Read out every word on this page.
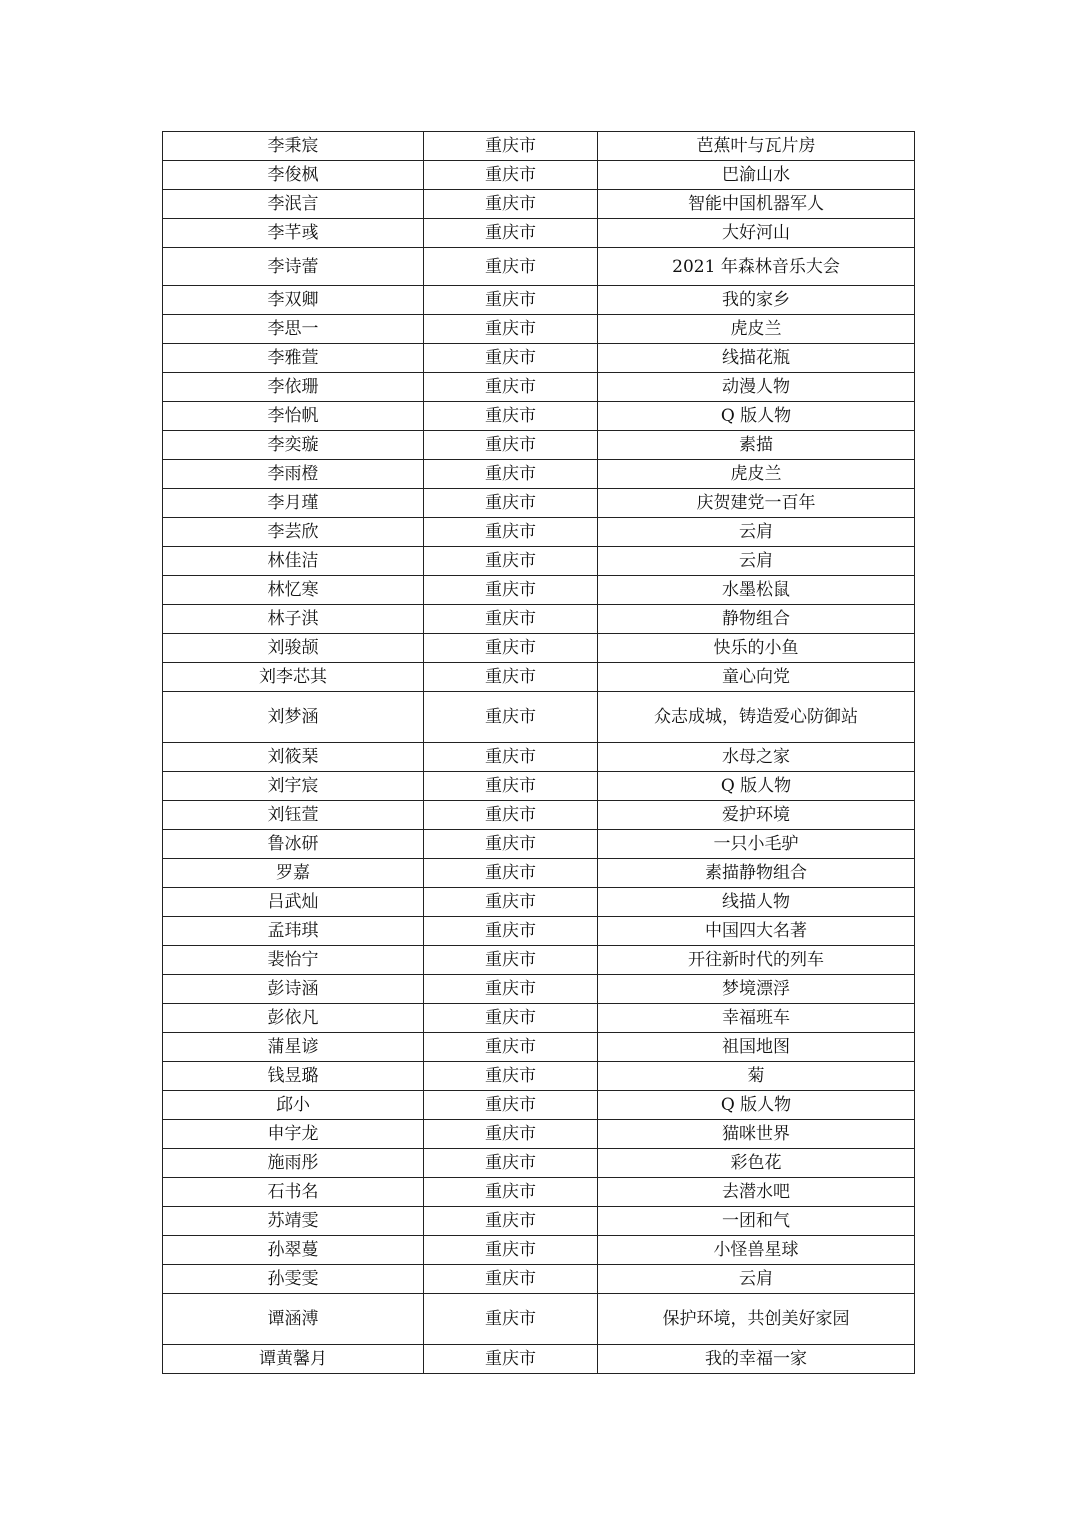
李秉宸	重庆市	芭蕉叶与瓦片房
李俊枫	重庆市	巴渝山水
李泯言	重庆市	智能中国机器军人
李芊彧	重庆市	大好河山
李诗蕾	重庆市	2021 年森林音乐大会
李双卿	重庆市	我的家乡
李思一	重庆市	虎皮兰
李雅萱	重庆市	线描花瓶
李依珊	重庆市	动漫人物
李怡帆	重庆市	Q 版人物
李奕璇	重庆市	素描
李雨橙	重庆市	虎皮兰
李月瑾	重庆市	庆贺建党一百年
李芸欣	重庆市	云肩
林佳洁	重庆市	云肩
林忆寒	重庆市	水墨松鼠
林子淇	重庆市	静物组合
刘骏颉	重庆市	快乐的小鱼
刘李芯其	重庆市	童心向党
刘梦涵	重庆市	众志成城，铸造爱心防御站
刘筱琹	重庆市	水母之家
刘宇宸	重庆市	Q 版人物
刘钰萱	重庆市	爱护环境
鲁冰研	重庆市	一只小毛驴
罗嘉	重庆市	素描静物组合
吕武灿	重庆市	线描人物
孟玮琪	重庆市	中国四大名著
裴怡宁	重庆市	开往新时代的列车
彭诗涵	重庆市	梦境漂浮
彭依凡	重庆市	幸福班车
蒲星谚	重庆市	祖国地图
钱昱璐	重庆市	菊
邱小	重庆市	Q 版人物
申宇龙	重庆市	猫咪世界
施雨彤	重庆市	彩色花
石书名	重庆市	去潜水吧
苏靖雯	重庆市	一团和气
孙翠蔓	重庆市	小怪兽星球
孙雯雯	重庆市	云肩
谭涵溥	重庆市	保护环境，共创美好家园
谭黄馨月	重庆市	我的幸福一家
